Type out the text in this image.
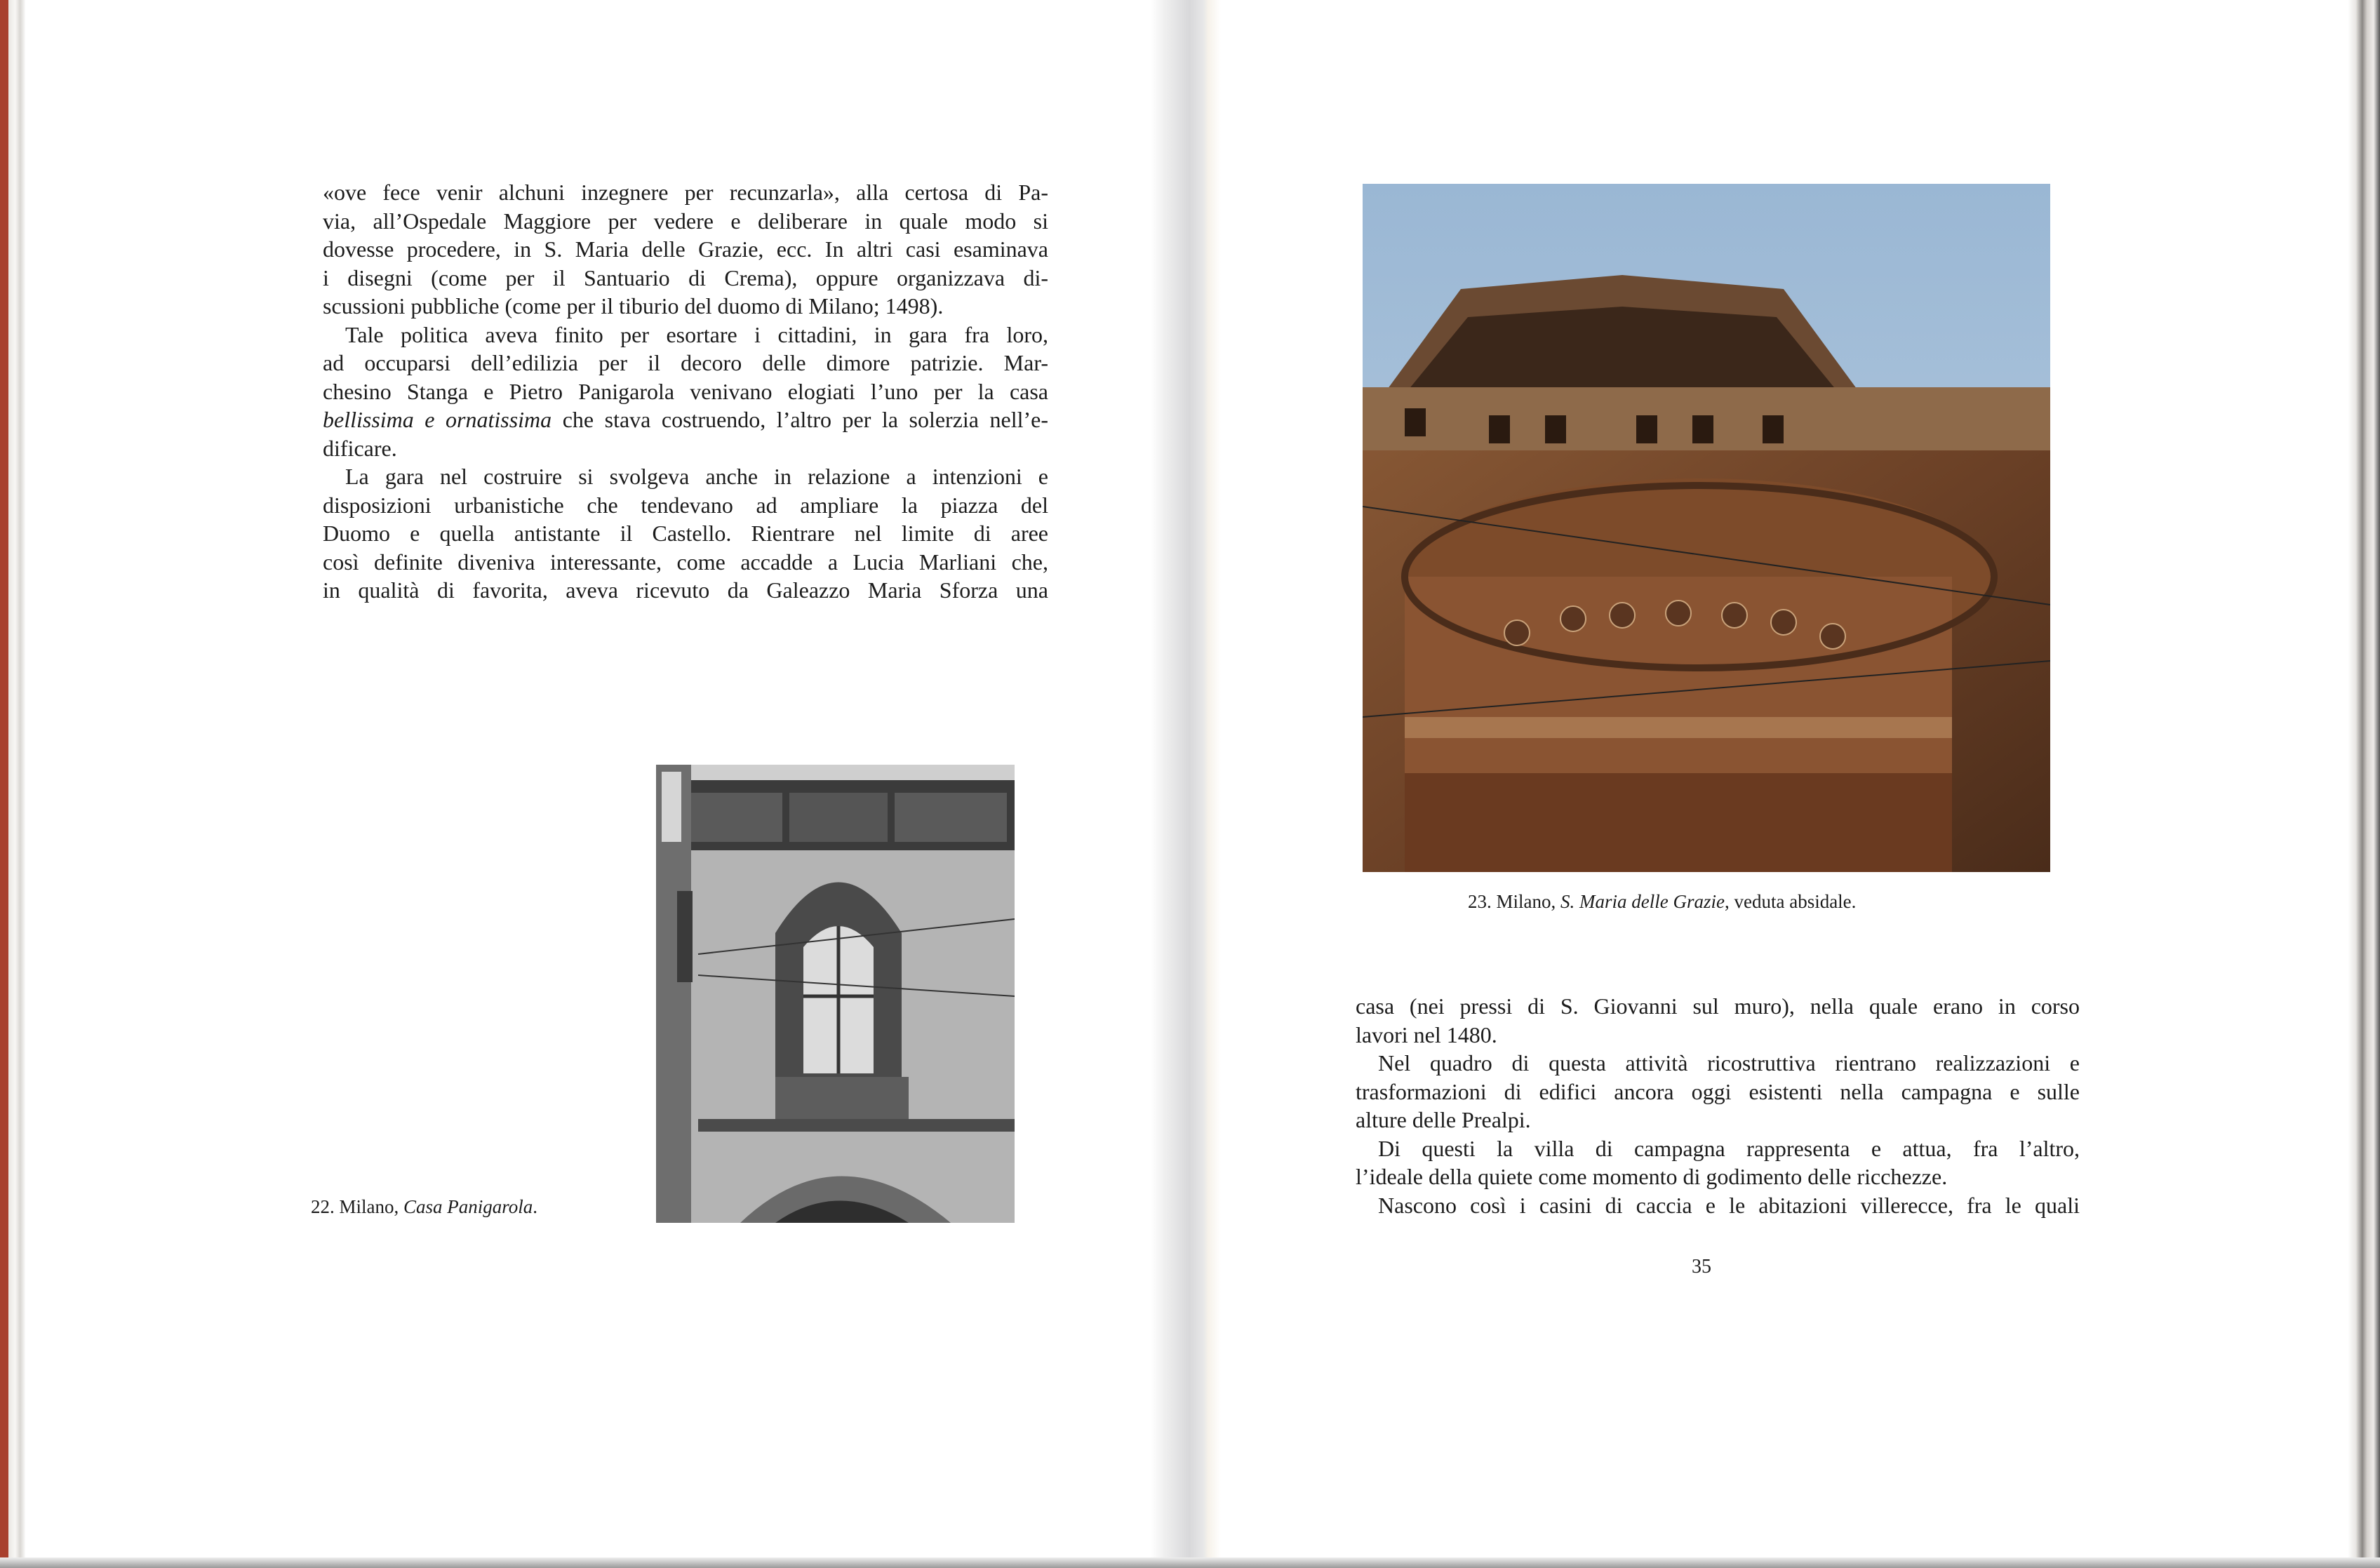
«ove fece venir alchuni inzegnere per recunzarla», alla certosa di Pa-

via, all’Ospedale Maggiore per vedere e deliberare in quale modo si

dovesse procedere, in S. Maria delle Grazie, ecc. In altri casi esaminava

i disegni (come per il Santuario di Crema), oppure organizzava di-

scussioni pubbliche (come per il tiburio del duomo di Milano; 1498).

Tale politica aveva finito per esortare i cittadini, in gara fra loro,

ad occuparsi dell’edilizia per il decoro delle dimore patrizie. Mar-

chesino Stanga e Pietro Panigarola venivano elogiati l’uno per la casa

bellissima e ornatissima che stava costruendo, l’altro per la solerzia nell’e-

dificare.

La gara nel costruire si svolgeva anche in relazione a intenzioni e

disposizioni urbanistiche che tendevano ad ampliare la piazza del

Duomo e quella antistante il Castello. Rientrare nel limite di aree

così definite diveniva interessante, come accadde a Lucia Marliani che,

in qualità di favorita, aveva ricevuto da Galeazzo Maria Sforza una

22. Milano, Casa Panigarola.
23. Milano, S. Maria delle Grazie, veduta absidale.

casa (nei pressi di S. Giovanni sul muro), nella quale erano in corso

lavori nel 1480.

Nel quadro di questa attività ricostruttiva rientrano realizzazioni e

trasformazioni di edifici ancora oggi esistenti nella campagna e sulle

alture delle Prealpi.

Di questi la villa di campagna rappresenta e attua, fra l’altro,

l’ideale della quiete come momento di godimento delle ricchezze.

Nascono così i casini di caccia e le abitazioni villerecce, fra le quali

35
